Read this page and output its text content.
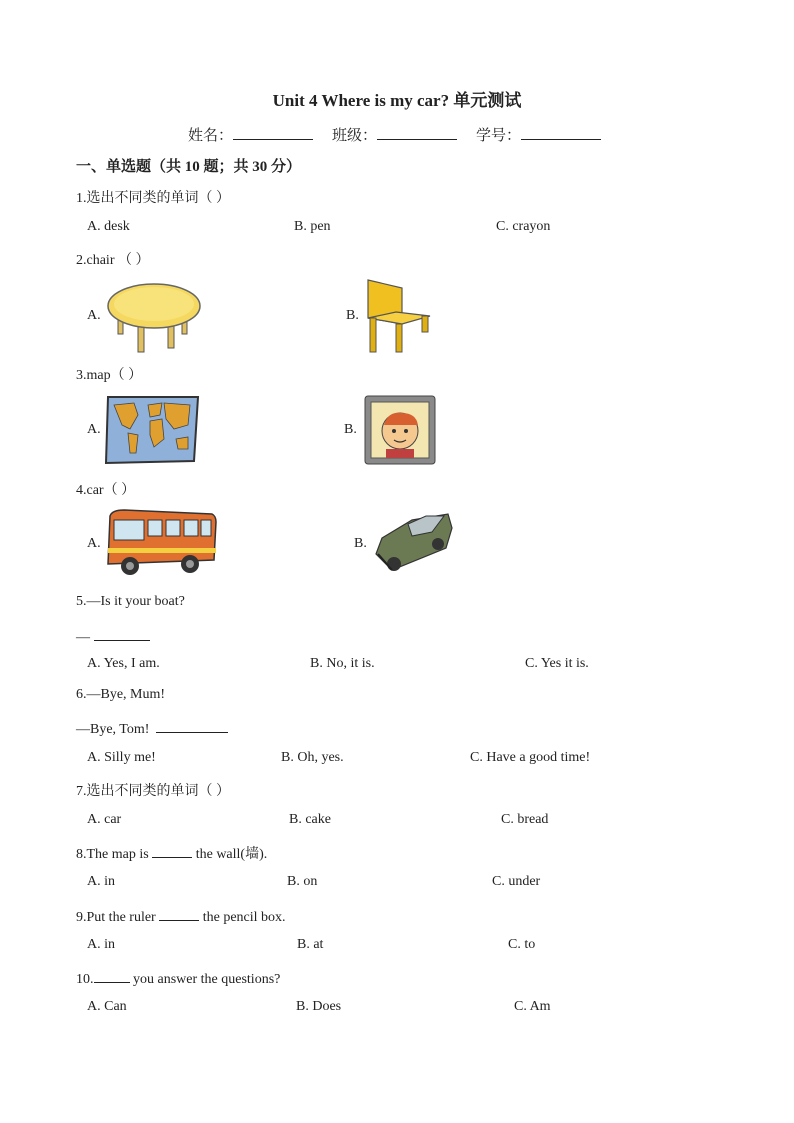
Unit 4 Where is my car? 单元测试
姓名：	班级：	学号：
一、单选题（共 10 题；共 30 分）
1.选出不同类的单词（ ）
A. desk	B. pen	C. crayon
2.chair （ ）
A.	B.
3.map（ ）
A.	B.
4.car（ ）
A.	B.
5.—Is it your boat?
—
A. Yes, I am.	B. No, it is.	C. Yes it is.
6.—Bye, Mum!
—Bye, Tom!
A. Silly me!	B. Oh, yes.	C. Have a good time!
7.选出不同类的单词（ ）
A. car	B. cake	C. bread
8.The map is	the wall(墙).
A. in	B. on	C. under
9.Put the ruler	the pencil box.
A. in	B. at	C. to
10.	you answer the questions?
A. Can	B. Does	C. Am
